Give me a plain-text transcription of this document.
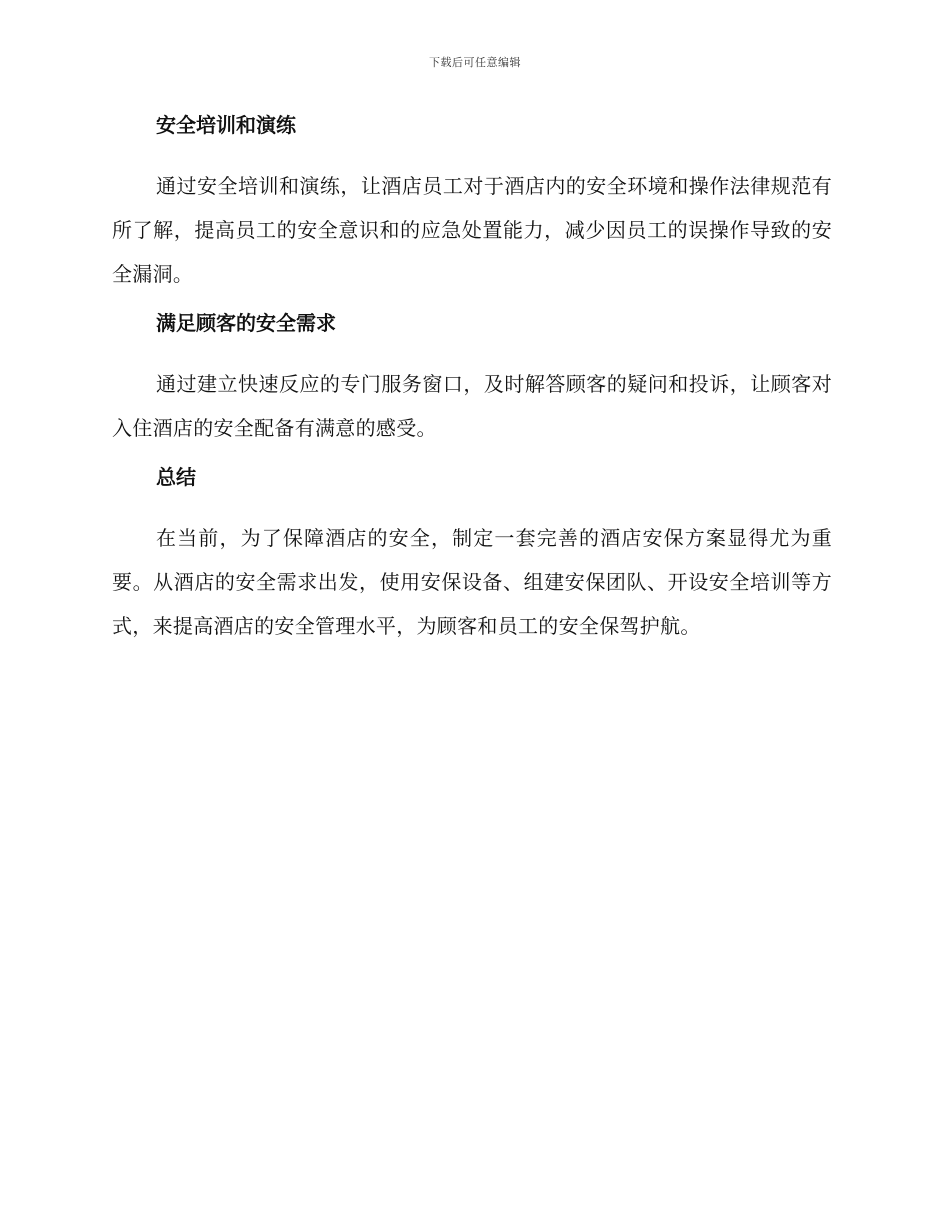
下载后可任意编辑
安全培训和演练

通过安全培训和演练，让酒店员工对于酒店内的安全环境和操作法律规范有所了解，提高员工的安全意识和的应急处置能力，减少因员工的误操作导致的安全漏洞。

满足顾客的安全需求

通过建立快速反应的专门服务窗口，及时解答顾客的疑问和投诉，让顾客对入住酒店的安全配备有满意的感受。

总结

在当前，为了保障酒店的安全，制定一套完善的酒店安保方案显得尤为重要。从酒店的安全需求出发，使用安保设备、组建安保团队、开设安全培训等方式，来提高酒店的安全管理水平，为顾客和员工的安全保驾护航。
